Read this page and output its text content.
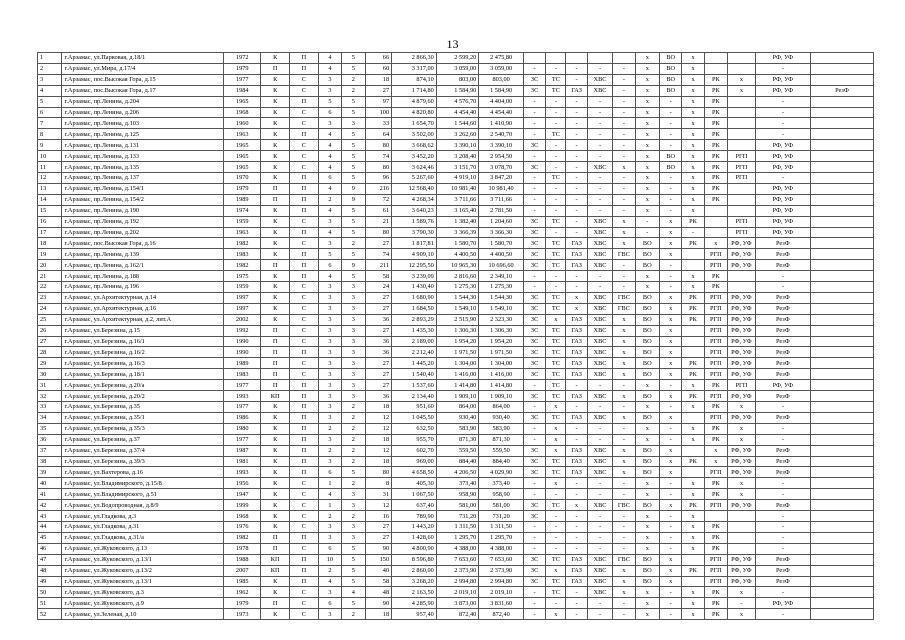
13
1	г.Арзамас, ул.Парковая, д.18/1	1972	К	П	4	5	66	2 866,30	2 599,20	2 475,80						х	ВО	х			РФ, УФ	
2	г.Арзамас, ул.Мира, д.17/4	1979	П	П	4	5	60	3 317,00	3 059,00	3 059,00	-	-	-	-	-	х	ВО	х			-	
3	г.Арзамас, пос.Высокая Гора, д.15	1977	К	С	3	2	18	874,10	803,00	803,00	ЗС	ТС	-	ХВС	-	х	ВО	х	РК	х	РФ, УФ	
4	г.Арзамас, пос.Высокая Гора, д.17	1984	К	С	3	2	27	1 714,80	1 584,90	1 584,90	ЗС	ТС	ГАЗ	ХВС	-	х	ВО	х	РК	х	РФ, УФ	РезФ
5	г.Арзамас, пр.Ленина, д.204	1965	К	П	5	5	97	4 879,60	4 576,70	4 404,00	-	-	-	-	-	х	-	х	РК		-	
6	г.Арзамас, пр.Ленина, д.206	1968	К	С	6	5	100	4 820,80	4 454,40	4 454,40	-	-	-	-	-	х	-	х	РК		-	
7	г.Арзамас, пр.Ленина, д.103	1960	К	С	3	3	33	1 654,70	1 544,60	1 410,90	-	-	-	-	-	х	-	х	РК		-	
8	г.Арзамас, пр.Ленина, д.125	1963	К	П	4	5	64	3 502,00	3 262,60	2 540,70	-	ТС	-	-	-	х	-	х	РК		-	
9	г.Арзамас, пр.Ленина, д.131	1965	К	С	4	5	80	3 668,62	3 390,10	3 390,10	ЗС	-	-	-	-	х	-	х	РК		РФ, УФ	
10	г.Арзамас, пр.Ленина, д.133	1965	К	С	4	5	74	3 452,20	3 208,40	2 954,50	-	-	-	-	-	х	ВО	х	РК	РГП	РФ, УФ	
11	г.Арзамас, пр.Ленина, д.135	1965	К	С	4	5	80	3 624,46	3 151,70	3 078,70	ЗС	-	-	ХВС	х	х	ВО	х	РК	РГП	РФ, УФ	
12	г.Арзамас, пр.Ленина, д.137	1970	К	П	6	5	96	5 267,60	4 919,10	3 847,20	-	ТС	-	-	-	х	-	х	РК	РГП	-	
13	г.Арзамас, пр.Ленина, д.154/1	1979	П	П	4	9	216	12 568,40	10 981,40	10 981,40	-	-	-	-	-	х	-	х	РК		РФ, УФ	
14	г.Арзамас, пр.Ленина, д.154/2	1989	П	П	2	9	72	4 268,34	3 711,66	3 711,66	-	-	-	-	-	х	-	х	РК		РФ, УФ	
15	г.Арзамас, пр.Ленина, д.190	1974	К	П	4	5	61	3 640,23	3 165,40	2 781,50	-	-	-	-	-	х	-	х			РФ, УФ	
16	г.Арзамас, пр.Ленина, д.192	1959	К	С	3	5	21	1 589,76	1 382,40	1 204,60	ЗС	ТС	-	ХВС	х	-	х	РК		РГП	РФ, УФ	
17	г.Арзамас, пр.Ленина, д.202	1963	К	П	4	5	80	3 790,30	3 366,39	3 366,30	ЗС	-	-	ХВС	х	-	х	-		РГП	РФ, УФ	
18	г.Арзамас, пос.Высокая Гора, д.16	1982	К	С	3	2	27	1 817,81	1 580,70	1 580,70	ЗС	ТС	ГАЗ	ХВС	х	ВО	х	РК	х	РФ, УФ	РезФ	
19	г.Арзамас, пр.Ленина, д.139	1983	К	П	5	5	74	4 909,10	4 400,50	4 400,50	ЗС	ТС	ГАЗ	ХВС	ГВС	ВО	х		РГП	РФ, УФ	РезФ	
20	г.Арзамас, пр.Ленина, д.162/1	1982	П	П	6	9	211	12 295,50	10 965,30	10 696,60	ЗС	ТС	ГАЗ	ХВС	-	ВО	-		РГП	РФ, УФ	РезФ	
21	г.Арзамас, пр.Ленина, д.188	1975	К	П	4	5	58	3 239,09	2 816,60	2 349,10	-	-	-	-	-	х	-	х	РК		-	
22	г.Арзамас, пр.Ленина, д.196	1959	К	С	3	3	24	1 430,40	1 275,30	1 275,30	-	-	-	-	-	х	-	х	РК		-	
23	г.Арзамас, ул.Архитектурная, д.14	1997	К	С	3	3	27	1 680,90	1 544,30	1 544,30	ЗС	ТС	х	ХВС	ГВС	ВО	х	РК	РГП	РФ, УФ	РезФ	
24	г.Арзамас, ул.Архитектурная, д.16	1997	К	С	3	3	27	1 684,50	1 549,10	1 549,10	ЗС	ТС	х	ХВС	ГВС	ВО	х	РК	РГП	РФ, УФ	РезФ	
25	г.Арзамас, ул.Архитектурная, д.2, лит.А	2002	К	С	3	3	36	2 893,29	2 515,90	2 323,30	ЗС	х	ГАЗ	ХВС	х	ВО	х	РК	РГП	РФ, УФ	РезФ	
26	г.Арзамас, ул.Березина, д.15	1992	П	С	3	3	27	1 435,30	1 306,30	1 306,30	ЗС	ТС	ГАЗ	ХВС	х	ВО	х		РГП	РФ, УФ	РезФ	
27	г.Арзамас, ул.Березина, д.16/1	1990	П	С	3	3	36	2 189,00	1 954,20	1 954,20	ЗС	ТС	ГАЗ	ХВС	х	ВО	х		РГП	РФ, УФ	РезФ	
28	г.Арзамас, ул.Березина, д.16/2	1990	П	П	3	3	36	2 212,40	1 971,50	1 971,50	ЗС	ТС	ГАЗ	ХВС	х	ВО	х		РГП	РФ, УФ	РезФ	
29	г.Арзамас, ул.Березина, д.16/3	1989	П	С	3	3	27	1 445,20	1 304,00	1 304,00	ЗС	ТС	ГАЗ	ХВС	х	ВО	х	РК	РГП	РФ, УФ	РезФ	
30	г.Арзамас, ул.Березина, д.18/1	1983	П	С	3	3	27	1 540,40	1 416,00	1 416,00	ЗС	ТС	ГАЗ	ХВС	х	ВО	х	РК	РГП	РФ, УФ	РезФ	
31	г.Арзамас, ул.Березина, д.20/а	1977	П	П	3	3	27	1 537,60	1 414,80	1 414,80	-	ТС	-	-	-	х	-	х	РК	РГП	РФ, УФ	
32	г.Арзамас, ул.Березина, д.20/2	1993	КП	П	3	3	36	2 134,40	1 909,10	1 909,10	ЗС	ТС	ГАЗ	ХВС	х	ВО	х	РК	РГП	РФ, УФ	РезФ	
33	г.Арзамас, ул.Березина, д.35	1977	К	П	3	2	18	951,60	864,00	864,00	-	х	-	-	-	х	-	х	РК	х	-	
34	г.Арзамас, ул.Березина, д.35/1	1986	К	П	3	2	12	1 045,50	930,40	930,40	ЗС	ТС	ГАЗ	ХВС	х	ВО	х		РГП	РФ, УФ	РезФ	
35	г.Арзамас, ул.Березина, д.35/3	1980	К	П	2	2	12	632,50	583,90	583,90	-	х	-	-	-	х	-	х	РК	х	-	
36	г.Арзамас, ул.Березина, д.37	1977	К	П	3	2	18	955,70	871,30	871,30	-	х	-	-	-	х	-	х	РК	х	-	
37	г.Арзамас, ул.Березина, д.37/4	1987	К	П	2	2	12	602,70	559,50	559,50	ЗС	х	ГАЗ	ХВС	х	ВО	х		х	РФ, УФ	РезФ	
38	г.Арзамас, ул.Березина, д.39/3	1981	К	П	3	2	18	969,00	884,40	884,40	ЗС	ТС	ГАЗ	ХВС	х	ВО	х	РК	х	РФ, УФ	РезФ	
39	г.Арзамас, ул.Вахтерова, д.16	1993	К	П	6	5	80	4 658,50	4 206,50	4 029,90	ЗС	ТС	ГАЗ	ХВС	х	ВО	х		РГП	РФ, УФ	РезФ	
40	г.Арзамас, ул.Владимирского, д.15/8	1956	К	С	1	2	8	405,30	373,40	373,40	-	х	-	-	-	х	-	х	РК	х	-	
41	г.Арзамас, ул.Владимирского, д.51	1947	К	С	4	3	31	1 067,50	958,90	958,90	-	-	-	-	-	х	-	х	РК	х	-	
42	г.Арзамас, ул.Водопроводная, д.8/9	1999	К	С	1	3	12	637,40	581,00	581,00	ЗС	ТС	х	ХВС	ГВС	ВО	х	РК	РГП	РФ, УФ	РезФ	
43	г.Арзамас, ул.Гладкова, д.3	1968	К	С	2	2	16	789,90	731,20	731,20	ЗС	-	-	-	-	х	-	х			-	
44	г.Арзамас, ул.Гладкова, д.31	1976	К	С	3	3	27	1 443,20	1 311,50	1 311,50	-	-	-	-	-	х	-	х	РК		-	
45	г.Арзамас, ул.Гладкова, д.31/а	1982	П	П	3	3	27	1 428,60	1 295,70	1 295,70	-	-	-	-	-	х	-	х	РК		-	
46	г.Арзамас, ул.Жуковского, д.13	1978	П	С	6	5	90	4 800,90	4 388,00	4 388,00	-	-	-	-	-	х	-	х	РК		-	
47	г.Арзамас, ул.Жуковского, д.13/1	1988	КП	П	10	5	150	8 596,80	7 653,60	7 653,60	ЗС	ТС	ГАЗ	ХВС	ГВС	ВО	х		РГП	РФ, УФ	РезФ	
48	г.Арзамас, ул.Жуковского, д.13/2	2007	КП	П	2	5	40	2 860,00	2 373,90	2 373,90	ЗС	х	ГАЗ	ХВС	х	ВО	х	РК	РГП	РФ, УФ	РезФ	
49	г.Арзамас, ул.Жуковского, д.13/1	1985	К	П	4	5	58	3 268,20	2 994,80	2 994,80	ЗС	ТС	ГАЗ	ХВС	х	ВО	х		РГП	РФ, УФ	РезФ	
50	г.Арзамас, ул.Жуковского, д.3	1962	К	С	3	4	48	2 163,50	2 019,10	2 019,10	-	ТС	-	ХВС	х	х	-	х	РК	х	-	
51	г.Арзамас, ул.Жуковского, д.9	1979	П	С	6	5	90	4 285,90	3 873,00	3 831,60	-	-	-	-	-	х	-	х	РК	-	РФ, УФ	
52	г.Арзамас, ул.Зеленая, д.10	1973	К	С	3	2	18	957,40	872,40	872,40	-	х	-	-	-	х	-	х	РК	х	-	
